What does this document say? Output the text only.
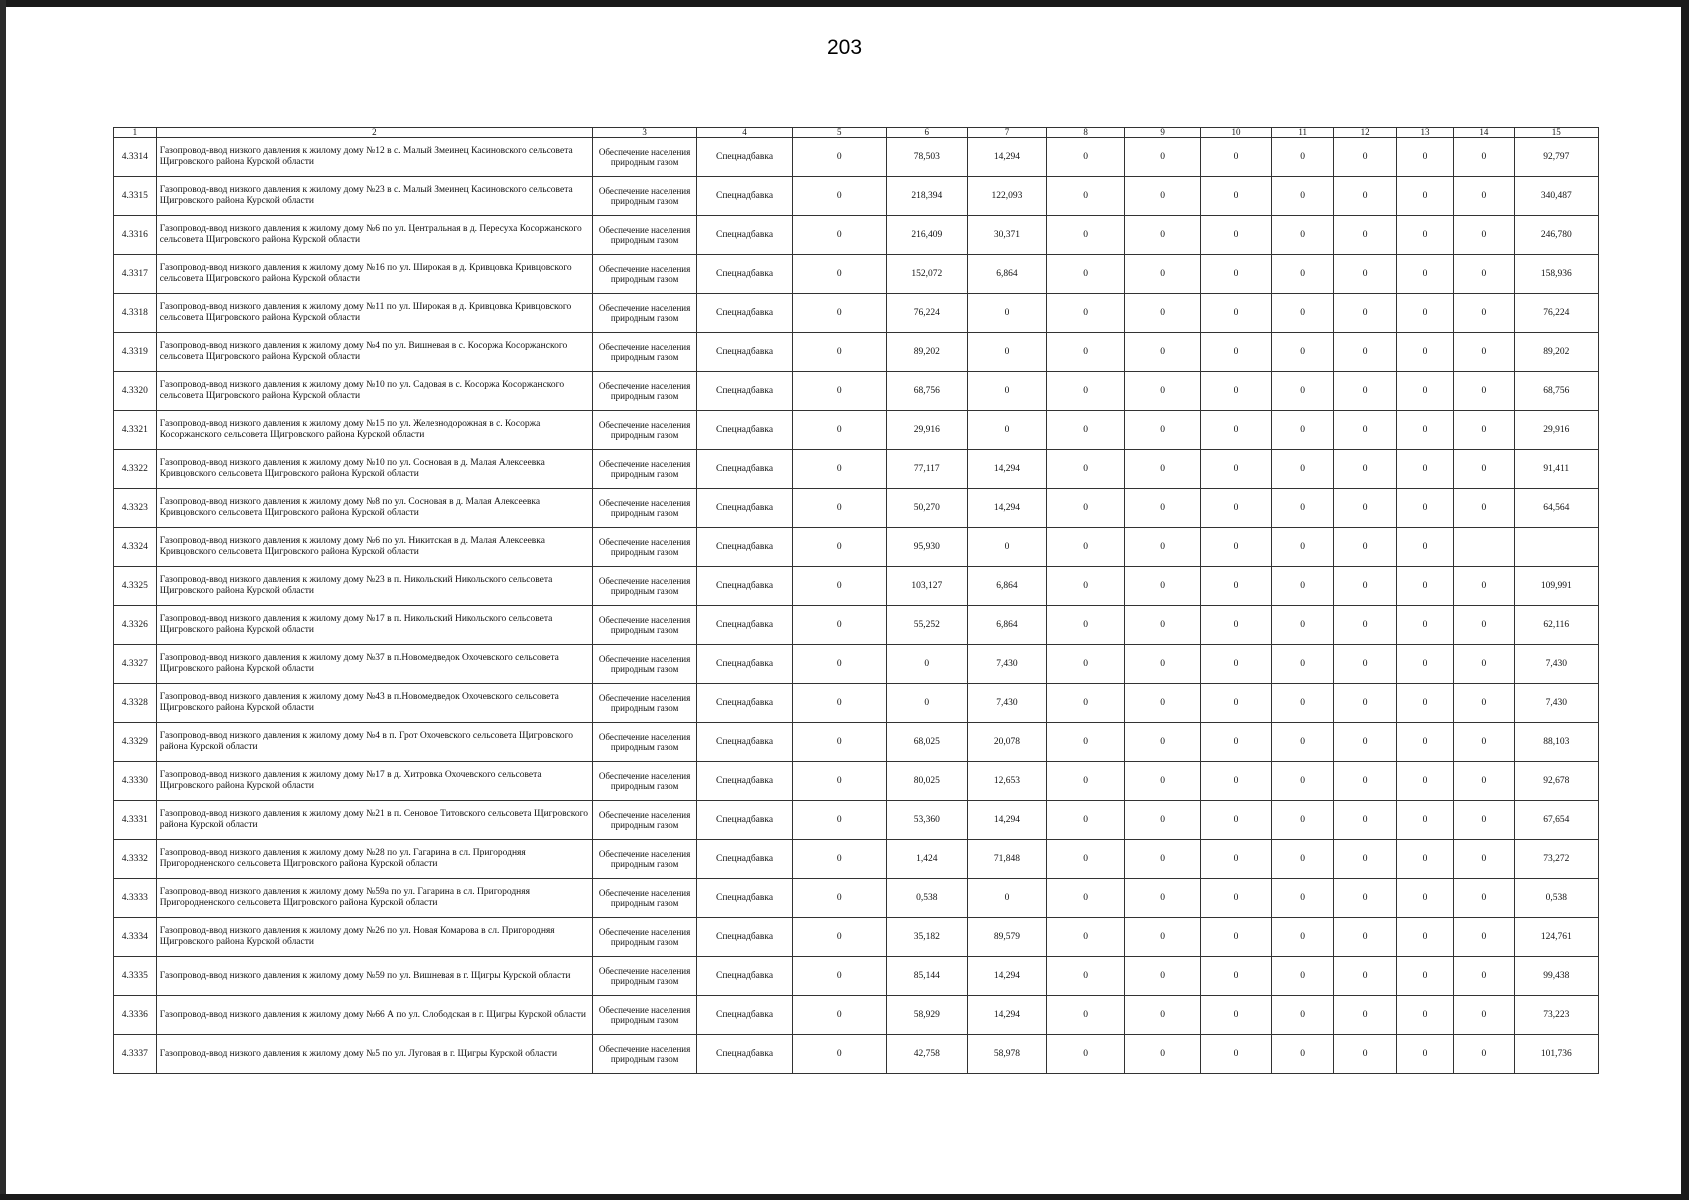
203
1	2	3	4	5	6	7	8	9	10	11	12	13	14	15
4.3314	Газопровод-ввод низкого давления к жилому дому №12 в с. Малый Змеинец Касиновского сельсовета Щигровского района Курской области	Обеспечение населения природным газом	Спецнадбавка	0	78,503	14,294	0	0	0	0	0	0	0	92,797
4.3315	Газопровод-ввод низкого давления к жилому дому №23 в с. Малый Змеинец Касиновского сельсовета Щигровского района Курской области	Обеспечение населения природным газом	Спецнадбавка	0	218,394	122,093	0	0	0	0	0	0	0	340,487
4.3316	Газопровод-ввод низкого давления к жилому дому №6 по ул. Центральная в д. Пересуха Косоржанского сельсовета Щигровского района Курской области	Обеспечение населения природным газом	Спецнадбавка	0	216,409	30,371	0	0	0	0	0	0	0	246,780
4.3317	Газопровод-ввод низкого давления к жилому дому №16 по ул. Широкая в д. Кривцовка Кривцовского сельсовета Щигровского района Курской области	Обеспечение населения природным газом	Спецнадбавка	0	152,072	6,864	0	0	0	0	0	0	0	158,936
4.3318	Газопровод-ввод низкого давления к жилому дому №11 по ул. Широкая в д. Кривцовка Кривцовского сельсовета Щигровского района Курской области	Обеспечение населения природным газом	Спецнадбавка	0	76,224	0	0	0	0	0	0	0	0	76,224
4.3319	Газопровод-ввод низкого давления к жилому дому №4 по ул. Вишневая в с. Косоржа Косоржанского сельсовета Щигровского района Курской области	Обеспечение населения природным газом	Спецнадбавка	0	89,202	0	0	0	0	0	0	0	0	89,202
4.3320	Газопровод-ввод низкого давления к жилому дому №10 по ул. Садовая в с. Косоржа Косоржанского сельсовета Щигровского района Курской области	Обеспечение населения природным газом	Спецнадбавка	0	68,756	0	0	0	0	0	0	0	0	68,756
4.3321	Газопровод-ввод низкого давления к жилому дому №15 по ул. Железнодорожная в с. Косоржа Косоржанского сельсовета Щигровского района Курской области	Обеспечение населения природным газом	Спецнадбавка	0	29,916	0	0	0	0	0	0	0	0	29,916
4.3322	Газопровод-ввод низкого давления к жилому дому №10 по ул. Сосновая в д. Малая Алексеевка Кривцовского сельсовета Щигровского района Курской области	Обеспечение населения природным газом	Спецнадбавка	0	77,117	14,294	0	0	0	0	0	0	0	91,411
4.3323	Газопровод-ввод низкого давления к жилому дому №8 по ул. Сосновая в д. Малая Алексеевка Кривцовского сельсовета Щигровского района Курской области	Обеспечение населения природным газом	Спецнадбавка	0	50,270	14,294	0	0	0	0	0	0	0	64,564
4.3324	Газопровод-ввод низкого давления к жилому дому №6 по ул. Никитская в д. Малая Алексеевка Кривцовского сельсовета Щигровского района Курской области	Обеспечение населения природным газом	Спецнадбавка	0	95,930	0	0	0	0	0	0	0		
4.3325	Газопровод-ввод низкого давления к жилому дому №23 в п. Никольский Никольского сельсовета Щигровского района Курской области	Обеспечение населения природным газом	Спецнадбавка	0	103,127	6,864	0	0	0	0	0	0	0	109,991
4.3326	Газопровод-ввод низкого давления к жилому дому №17 в п. Никольский Никольского сельсовета Щигровского района Курской области	Обеспечение населения природным газом	Спецнадбавка	0	55,252	6,864	0	0	0	0	0	0	0	62,116
4.3327	Газопровод-ввод низкого давления к жилому дому №37 в п.Новомедведок Охочевского сельсовета Щигровского района Курской области	Обеспечение населения природным газом	Спецнадбавка	0	0	7,430	0	0	0	0	0	0	0	7,430
4.3328	Газопровод-ввод низкого давления к жилому дому №43 в п.Новомедведок Охочевского сельсовета Щигровского района Курской области	Обеспечение населения природным газом	Спецнадбавка	0	0	7,430	0	0	0	0	0	0	0	7,430
4.3329	Газопровод-ввод низкого давления к жилому дому №4 в п. Грот Охочевского сельсовета Щигровского района Курской области	Обеспечение населения природным газом	Спецнадбавка	0	68,025	20,078	0	0	0	0	0	0	0	88,103
4.3330	Газопровод-ввод низкого давления к жилому дому №17 в д. Хитровка Охочевского сельсовета Щигровского района Курской области	Обеспечение населения природным газом	Спецнадбавка	0	80,025	12,653	0	0	0	0	0	0	0	92,678
4.3331	Газопровод-ввод низкого давления к жилому дому №21 в п. Сеновое Титовского сельсовета Щигровского района Курской области	Обеспечение населения природным газом	Спецнадбавка	0	53,360	14,294	0	0	0	0	0	0	0	67,654
4.3332	Газопровод-ввод низкого давления к жилому дому №28 по ул. Гагарина в сл. Пригородняя Пригородненского сельсовета Щигровского района Курской области	Обеспечение населения природным газом	Спецнадбавка	0	1,424	71,848	0	0	0	0	0	0	0	73,272
4.3333	Газопровод-ввод низкого давления к жилому дому №59а по ул. Гагарина в сл. Пригородняя Пригородненского сельсовета Щигровского района Курской области	Обеспечение населения природным газом	Спецнадбавка	0	0,538	0	0	0	0	0	0	0	0	0,538
4.3334	Газопровод-ввод низкого давления к жилому дому №26 по ул. Новая Комарова в сл. Пригородняя Щигровского района Курской области	Обеспечение населения природным газом	Спецнадбавка	0	35,182	89,579	0	0	0	0	0	0	0	124,761
4.3335	Газопровод-ввод низкого давления к жилому дому №59 по ул. Вишневая в г. Щигры Курской области	Обеспечение населения природным газом	Спецнадбавка	0	85,144	14,294	0	0	0	0	0	0	0	99,438
4.3336	Газопровод-ввод низкого давления к жилому дому №66 А по ул. Слободская в г. Щигры Курской области	Обеспечение населения природным газом	Спецнадбавка	0	58,929	14,294	0	0	0	0	0	0	0	73,223
4.3337	Газопровод-ввод низкого давления к жилому дому №5 по ул. Луговая в г. Щигры Курской области	Обеспечение населения природным газом	Спецнадбавка	0	42,758	58,978	0	0	0	0	0	0	0	101,736
